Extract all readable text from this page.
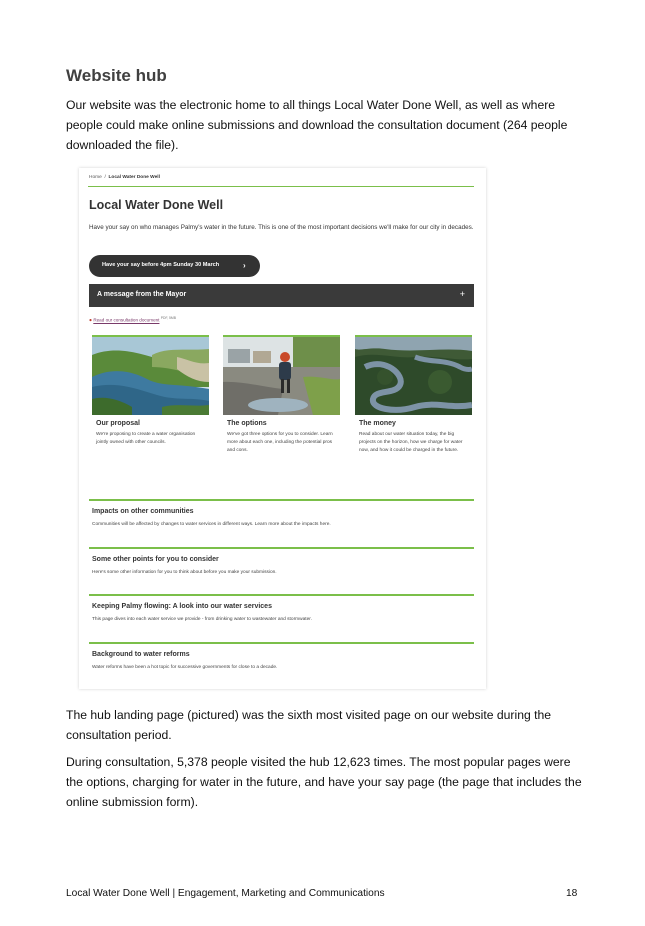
Website hub
Our website was the electronic home to all things Local Water Done Well, as well as where people could make online submissions and download the consultation document (264 people downloaded the file).
Home / Local Water Done Well
Local Water Done Well
Have your say on who manages Palmy's water in the future. This is one of the most important decisions we'll make for our city in decades.
Have your say before 4pm Sunday 30 March	›
A message from the Mayor	+
● Read our consultation document $^{PDF, 5MB}$
Our proposal
We're proposing to create a water organisation jointly owned with other councils.
The options
We've got three options for you to consider. Learn more about each one, including the potential pros and cons.
The money
Read about our water situation today, the big projects on the horizon, how we charge for water now, and how it could be charged in the future.
Impacts on other communities
Communities will be affected by changes to water services in different ways. Learn more about the impacts here.
Some other points for you to consider
Here's some other information for you to think about before you make your submission.
Keeping Palmy flowing: A look into our water services
This page dives into each water service we provide - from drinking water to wastewater and stormwater.
Background to water reforms
Water reforms have been a hot topic for successive governments for close to a decade.
The hub landing page (pictured) was the sixth most visited page on our website during the consultation period.
During consultation, 5,378 people visited the hub 12,623 times. The most popular pages were the options, charging for water in the future, and have your say page (the page that includes the online submission form).
Local Water Done Well | Engagement, Marketing and Communications	18
